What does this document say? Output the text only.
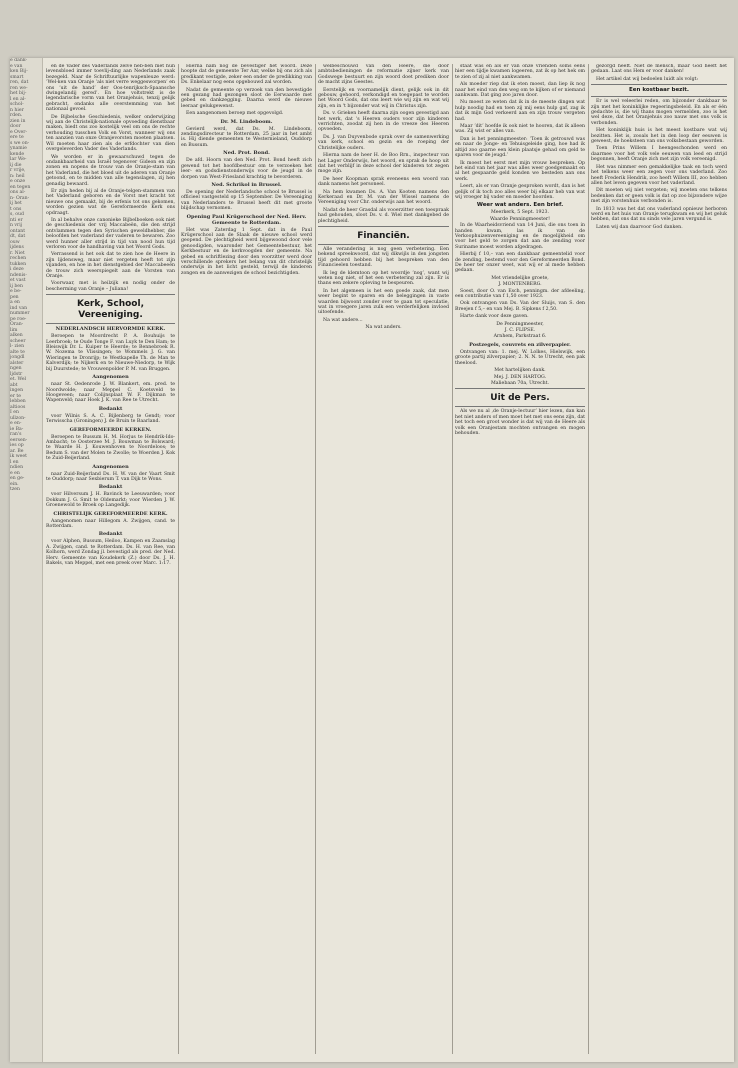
e dank-
e van
ken Bij-
smart
ren, dat
ren we-
het bij-
l en al-
schol-
n hier
rden.
zien in
door
e Over-
ere te
s we on-
ynamie
kende
lar We-
ij die
r vrije,
n: heil
e onze
en tegen
ons al-
n- Oran-
ij het
t ons
s, oud
nti er
n vrij
ontant
dt, dat
ouw
ijdens
r. Niet
rechen
tukken
i deze
ndenis-
et vast
ij ben
e be-
pen
a en
ind van
nummer
pe roe-
Oran-
lim
alken
scheer
l- zien
alte te
jongdl
alster
ngen
ljdstr
et. Wel
abt
ingen
er te
lebben
altioos
I en
ullzon-
e en-
ie Ba-
ran's
eersen-
ies op
ar. Be
ik weet
l en
ndien
e en
en ge-
ein.
tzen

en de Vader des Vaderlands zelve heb-ben met hun levensbloed immer toevlij-ding aan Nederlands zaak bezegeld. Naar de Schriftuurlijke wapenleuze werd: ‘Wel-ken van Oranje ‘als niet verre weggesworpen’ en ons ‘uit de hand’ der Oos-tenrijksch-Spaansche dwingelandij gered’. En hoe voltstrekt is de legendarische vorm van het Oranjehuis, tenzij gelijk gebracht, ondanks alle overstemming van het nationaal gevoel.

De Bijbelsche Geschiedenis, welker onderwijzing wij aan de Christelijk-nationale opvoeding dienstbaar maken, biedt ons zoo kostelijk veel om ons de rechte verhouding tusschen Volk en Vorst, wanneer wij ons ten aanzien van onze Oranjevorsten moeten plaatsen. Wil moeten haar zien als de erfdochter van dien overgeleverden Vader des Vaderlands.

We worden er in gewaarschuwd tegen de ondankbaarheid van Israël tegenover Gideon en zijn zonen en nopens de trouw van de Oranje-stam van het Vaderland, die het bloed uit de aderen van Oranje getoond, en te midden van alle tegenslagen, zij hen genadig bewaard.

Er zijn heden bij al de Oranje-telgen-stammen van het Vaderland geboren en de Vorst met kracht tot nieuwe ons gemaakt, bij de erfenis tot ons gekomen, worden gezien wat de Gereformeerde Kerk ons opdraagt.

In al behalve onze canonieke Bijbelboeken ook niet de geschiedenis der vrij Maccabeën, die den strijd ontvlammen tegen den Syrischen geweldhebber, die beloofden het vaderland der vaderen te bewaren. Zoo werd hunner aller strijd in tijd van nood hun tijd verloren voor de handhaving van het Woord Gods.

Verrassend is het ook dat te zien hoe de Heere in zijn lijdensweg, maar niet vergeten heeft tot zijn vijanden, en hoe in het dienstgebied der Maccabeeën de trouw zich weerspiegelt aan de Vorsten van Oranje.

Voorwaar, met is heilzijk en nodig onder de bescherming van Oranje – Juliana!

Kerk, School, Vereeniging.
NEDERLANDSCH HERVORMDE KERK.

Beroepen te Moordrecht P. A. Bouhuijs te Leerbroek; te Oude Tonge F. van Luyk te Den Ham; te Bleiswijk Dr. L. Kuiper te Heerde; te Bennebroek R. W. Nozema te Vlissingen; te Wommels J. G. van Wieringen te Dronrijp; te Westkapelle Th. de Man te Kalverdijk; te Nijkerk en te Nieuwe-Niedorp, te Wijk bij Duurstede; te Vrouwenpolder P. M. van Bruggen.

Aangenomen

naar St. Oedenrode J. W. Blankert, em. pred. te Noordwolde; naar Meppel C. Koetsveld te Hoogeveen; naar Colijnsplaat W. F. Dijkman te Wapenveld; naar Hoek J. K. van Ree te Utrecht.

Bedankt

voor Wilnis S. A. C. Bijlenberg te Gendt; voor Terwisscha (Groningen) J. de Bruin te Baarland.

GEREFORMEERDE KERKEN.

Beroepen te Bussum H. M. Horjus te Hendrik-Ido-Ambacht; te Oosterzee M. J. Bouwman te Bolsward; te Waarde H. J. Kouwenhoven te Noordeloos; te Bedum S. van der Molen te Zwolle; te Woerden J. Kok te Zuid-Beijerland.

Aangenomen

naar Zuid-Beijerland Ds. H. W. van der Vaart Smit te Ouddorp; naar Sexbierum T. van Dijk te Wons.

Bedankt

voor Hilversum J. H. Bavinck te Leeuwarden; voor Dokkum J. G. Smit te Oldemarkt; voor Wierden J. W. Groenewold te Broek op Langedijk.

CHRISTELIJK GEREFORMEERDE KERK.

Aangenomen naar Hillegom A. Zwijgen, cand. te Rotterdam.

Bedankt

voor Alphen, Bussum, Heiloo, Kampen en Zaamslag A. Zwijgen, cand. te Rotterdam. Ds. H. van Ree, van Kolhorn, werd Zondag jl. bevestigd als pred. der Ned. Herv. Gemeente van Koudekerk (Z.) door Ds. J. H. Bakels, van Meppel, met een preek over Marc. 1:17.

Hierna nam nog de bevestiger het woord. Deze hoopte dat de gemeente Ter Aar, welke bij ons zich als predikant vestigde, zeker een onder de predikking van Ds. Enkelaar nog eens opgebouwd zal worden.

Nadat de gemeente op verzoek van den bevestigde een gezang had gezongen sloot de Eerwaarde met gebed en dankzegging. Daarna werd de nieuwe leeraar gelukgewenst.

Een aangenomen beroep met opgevolgd.

Dr. M. Lindeboom.

Gevierd werd, dat Ds. M. Lindeboom, zendingsdirecteur te Rotterdam, 25 jaar in het ambt is. Hij diende gemeenten te Westernieland, Ouddorp en Bussum.

Ned. Prot. Bond.

De afd. Hoorn van den Ned. Prot. Bond heeft zich gewend tot het hoofdbestuur om te verzoeken het leer- en godsdienstonderwijs voor de jeugd in de dorpen van West-Friesland krachtig te bevorderen.

Ned. Schrikol in Brussel.

De opening der Nederlandsche school te Brussel is officieel vastgesteld op 15 September. De Vereeniging van Nederlanders te Brussel heeft dit met groote blijdschap vernomen.

Opening Paul Krügerschool der Ned. Herv. Gemeente te Rotterdam.

Het was Zaterdag 1 Sept. dat in de Paul Krügerschool aan de Slaak de nieuwe school werd geopend. De plechtigheid werd bijgewoond door vele genoodigden, waaronder het Gemeentebestuur, het Kerkbestuur en de kerkvoogden der gemeente. Na gebed en schriftlezing door den voorzitter werd door verschillende sprekers het belang van dit christelijk onderwijs in het licht gesteld, terwijl de kinderen zongen en de aanwezigen de school bezichtigden.

welbeschouwd van den Heere, die door ambtsbedieningen de reformatie zijner kerk van Godswege bestuurt en zijn woord doet prediken door de macht zijns Geestes.

Eerstelijk en voornamelijk dient, gelijk ook in dit gebouw, gehoord, verkondigd en toegepast te worden het Woord Gods, dat ons leert wie wij zijn en wat wij zijn, en in 't bijzonder wat wij in Christus zijn.

Ds. v. Grieken heeft daarna zijn oogen gevestigd aan het werk, dat 's Heeren ouders voor zijn kinderen verrichten, zoodat zij hen in de vreeze des Heeren opvoeden.

Ds. J. van Duyvenbode sprak over de samenwerking van kerk, school en gezin en de roeping der Christelijke ouders.

Hierna nam de heer H. de Boo Rrn., inspecteur van het Lager Onderwijs, het woord, en sprak de hoop uit dat het verblijf in deze school der kinderen tot zegen moge zijn.

De heer Koopman sprak eveneens een woord van dank namens het personeel.

Na hem kwamen Ds. A. Van Kooten namens den Kerkeraad en Dr. M. van der Wissel namens de Vereeniging voor Chr. onderwijs aan het woord.

Nadat de heer Grasdal als vooerzitter een toespraak had gehouden, sloot Ds. v. d. Wiel met dankgebed de plechtigheid.

Financiën.

Alle verandering is nog geen verbetering. Een bekend spreekwoord, dat wij dikwijls in den jongsten tijd gehoord hebben bij het bespreken van den Financieelen toestand.

Ik leg de klemtoon op het woordje ‘nog’, want wij weten nog niet, of het een verbetering zal zijn. Er is thans een zekere opleving te bespeuren.

In het algemeen is het een goede zaak, dat men weer begint te sparen en de beleggingen in vaste waarden bijwoont zonder over te gaan tot speculatie, wat in vroegere jaren zulk een verderfelijken invloed uitoefende.

Na wat andere...

Na wat anders.

staat was en als er van onze vrienden soms eens hier een tijdje kwamen logeeren, zat ik op het hek om te zien of zij al niet aankwamen.

Als moeder riep dat ik eten moest, dan liep ik nog naar het eind van den weg om te kijken of er niemand aankwam. Dat ging zoo jaren door.

Nu moest ze weten dat ik in de meeste dingen wat hulp noodig had en toen zij mij eens hulp gaf, zag ik dat ik mijn God verkeerd aan en zijn trouw vergeten had.

Maar ‘dit’ hoefde ik ook niet te hooren, dat ik alleen was. Zij wist er alles van.

Dan is het penningmeester: ‘Toen ik getrouwd was en naar de Jonge- en Tehuisgeleide ging, hoe had ik altijd zoo gaarne een klein plaatsje gehad om geld te sparen voor de jeugd.’

Ik moest het eerst met mijn vrouw bespreken. Op het eind van het jaar was alles weer goedgemaakt en al het gespaarde geld konden we besteden aan ons werk.

Leert, als er van Oranje gesproken wordt, dan is het gelijk of ik toch zoo alles weer bij elkaar heb van wat wij vroeger bij vader en moeder hoorden.

Weer wat anders. Een brief.
Meerkerk, 5 Sept. 1923.
Waarde Penningmeester!

In de Waarheidsvriend van 14 Juni, die ons toen in handen kwam, las ik van de Verkoophuizenvereeniging en de mogelijkheid om voor het geld te zorgen dat aan de zending voor Suriname moest worden afgedragen.

Hierbij f 10,– van een dankbaar gemeentelid voor de zending, bestemd voor den Gereformeerden Bond. De heer ter onzer weet, wat wij er al mede hebben gedaan.

Met vriendelijke groete,
J. MONTENBERG.

Soest, door O. van Esch, penningm. der afdeeling, een contributie van f 1,50 over 1923.

Ook ontvangen van Ds. Van der Sluijs, van S. den Breejen f 5,– en van Mej. B. Sipkens f 2,50.

Harte dank voor deze gaven.

De Penningmeester,
J. C. FLIPSE.
Arnhem, Parkstraat 6.
Postzegels, couvrets en zilverpapier.

Ontvangen van: 1. mej. W. Lolkes, Hielswijk, een groote partij zilverpapier; 2. N. N. te Utrecht, een pak theelood.

Met hartelijken dank.
Mej. J. DEN HARTOG.
Maliebaan 70a, Utrecht.
Uit de Pers.

Als we nu al ‚de Oranje-lectuur‘ hier lezen, dan kan het niet anders of men moet het met ons eens zijn, dat het toch een groot wonder is dat wij van de Heere als volk een Oranjestam mochten ontvangen en mogen behouden.

gezorgd heeft. Niet de mensch, maar God heeft het gedaan. Laat ons Hem er voor danken!

Het artikel dat wij bedoelen luidt als volgt:

Een kostbaar bezit.

Er is wel veleerlei reden, om bijzonder dankbaar te zijn met het koninklijke regeeringsbeleid. En als er één gedachte is, die wij thans mogen vermelden, zoo is het wel deze, dat het Oranjehuis zoo nauw met ons volk is verbonden.

Het koninklijk huis is het meest kostbare wat wij bezitten. Het is, zooals het in den loop der eeuwen is geweest, de hoeksteen van ons volksbestaan geworden.

Toen Prins Willem I heengeschonden werd en daarmee voor het volk vele eeuwen van leed en strijd begonnen, heeft Oranje zich met zijn volk vereenigd.

Het was nimmer een gemakkelijke taak en toch werd het telkens weer een zegen voor ons vaderland. Zoo heeft Frederik Hendrik, zoo heeft Willem III, zoo hebben allen het leven gegeven voor het vaderland.

Dit moeten wij niet vergeten; wij moeten ons telkens bedenken dat er geen volk is dat op zoo bijzondere wijze met zijn vorstenhuis verbonden is.

In 1813 was het dat ons vaderland opnieuw herboren werd en het huis van Oranje terugkwam en wij het geluk hebben, dat ons dat nu sinds vele jaren vergund is.

Laten wij dan daarvoor God danken.
